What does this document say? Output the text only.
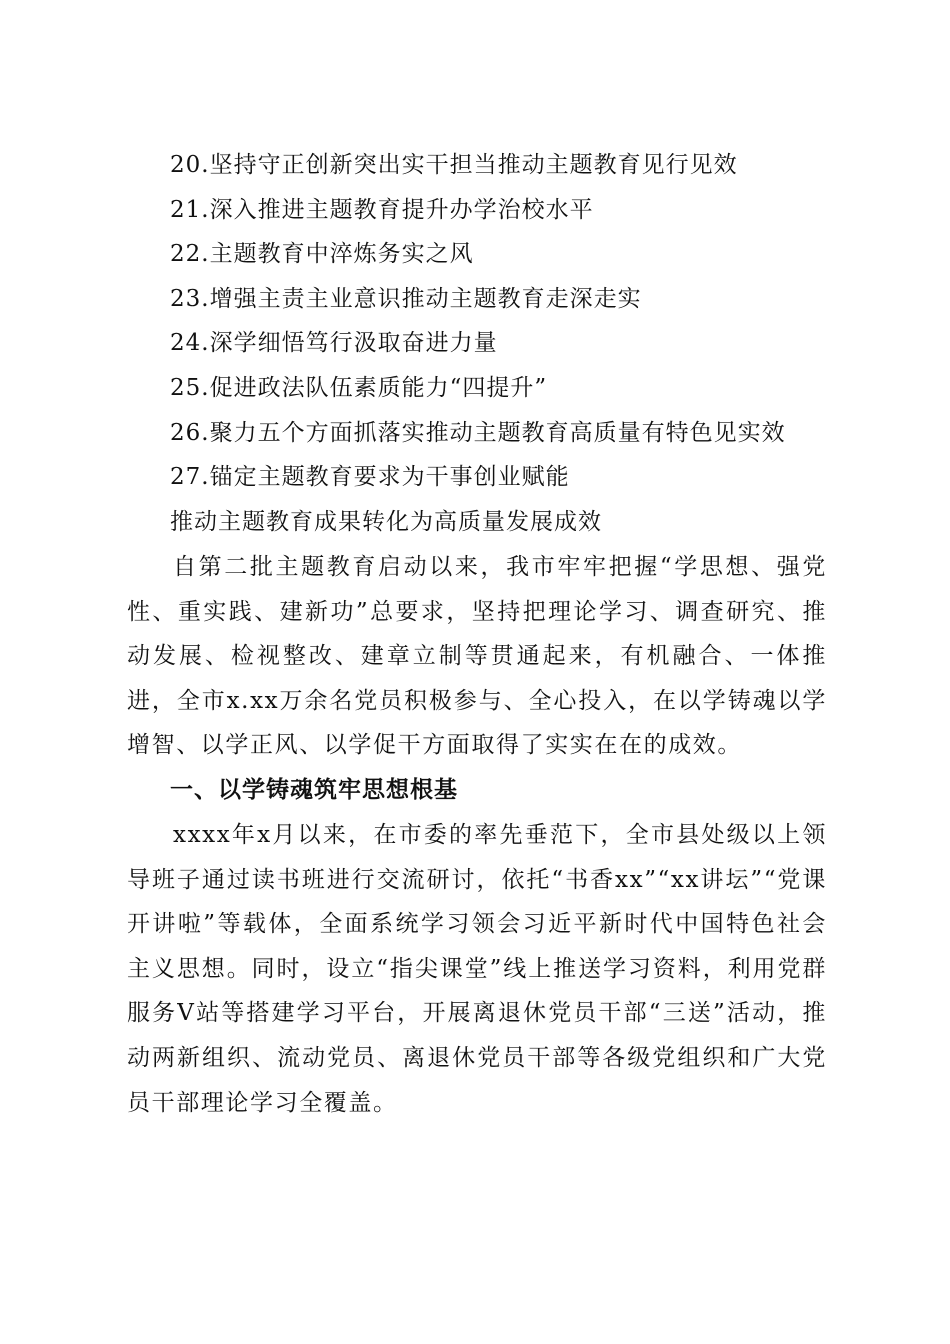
20.坚持守正创新突出实干担当推动主题教育见行见效
21.深入推进主题教育提升办学治校水平
22.主题教育中淬炼务实之风
23.增强主责主业意识推动主题教育走深走实
24.深学细悟笃行汲取奋进力量
25.促进政法队伍素质能力“四提升”
26.聚力五个方面抓落实推动主题教育高质量有特色见实效
27.锚定主题教育要求为干事创业赋能
推动主题教育成果转化为高质量发展成效

自第二批主题教育启动以来，我市牢牢把握“学思想、强党性、重实践、建新功”总要求，坚持把理论学习、调查研究、推动发展、检视整改、建章立制等贯通起来，有机融合、一体推进，全市x.xx万余名党员积极参与、全心投入，在以学铸魂以学增智、以学正风、以学促干方面取得了实实在在的成效。

一、以学铸魂筑牢思想根基

xxxx年x月以来，在市委的率先垂范下，全市县处级以上领导班子通过读书班进行交流研讨，依托“书香xx”“xx讲坛”“党课开讲啦”等载体，全面系统学习领会习近平新时代中国特色社会主义思想。同时，设立“指尖课堂”线上推送学习资料，利用党群服务V站等搭建学习平台，开展离退休党员干部“三送”活动，推动两新组织、流动党员、离退休党员干部等各级党组织和广大党员干部理论学习全覆盖。
